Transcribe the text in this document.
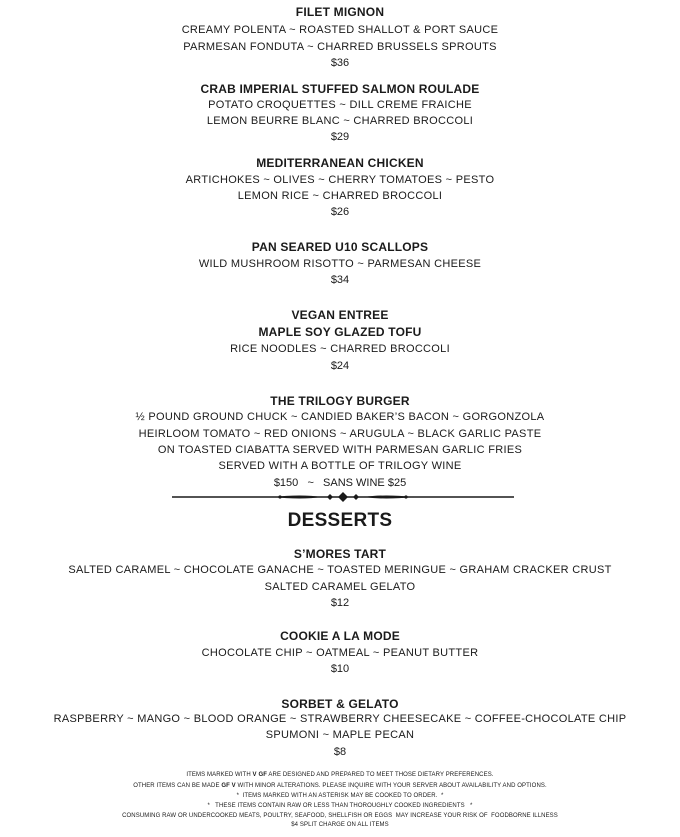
FILET MIGNON
CREAMY POLENTA ~ ROASTED SHALLOT & PORT SAUCE
PARMESAN FONDUTA ~ CHARRED BRUSSELS SPROUTS
$36
CRAB IMPERIAL STUFFED SALMON ROULADE
POTATO CROQUETTES ~ DILL CREME FRAICHE
LEMON BEURRE BLANC ~ CHARRED BROCCOLI
$29
MEDITERRANEAN CHICKEN
ARTICHOKES ~ OLIVES ~ CHERRY TOMATOES ~ PESTO
LEMON RICE ~ CHARRED BROCCOLI
$26
PAN SEARED U10 SCALLOPS
WILD MUSHROOM RISOTTO ~ PARMESAN CHEESE
$34
VEGAN ENTREE
MAPLE SOY GLAZED TOFU
RICE NOODLES ~ CHARRED BROCCOLI
$24
THE TRILOGY BURGER
½ POUND GROUND CHUCK ~ CANDIED BAKER’S BACON ~ GORGONZOLA
HEIRLOOM TOMATO ~ RED ONIONS ~ ARUGULA ~ BLACK GARLIC PASTE
ON TOASTED CIABATTA SERVED WITH PARMESAN GARLIC FRIES
SERVED WITH A BOTTLE OF TRILOGY WINE
$150   ~   SANS WINE $25
DESSERTS
S’MORES TART
SALTED CARAMEL ~ CHOCOLATE GANACHE ~ TOASTED MERINGUE ~ GRAHAM CRACKER CRUST
SALTED CARAMEL GELATO
$12
COOKIE A LA MODE
CHOCOLATE CHIP ~ OATMEAL ~ PEANUT BUTTER
$10
SORBET & GELATO
RASPBERRY ~ MANGO ~ BLOOD ORANGE ~ STRAWBERRY CHEESECAKE ~ COFFEE-CHOCOLATE CHIP
SPUMONI ~ MAPLE PECAN
$8
ITEMS MARKED WITH V GF ARE DESIGNED AND PREPARED TO MEET THOSE DIETARY PREFERENCES.
OTHER ITEMS CAN BE MADE GF V WITH MINOR ALTERATIONS. PLEASE INQUIRE WITH YOUR SERVER ABOUT AVAILABILITY AND OPTIONS.
*  ITEMS MARKED WITH AN ASTERISK MAY BE COOKED TO ORDER.  *
*   THESE ITEMS CONTAIN RAW OR LESS THAN THOROUGHLY COOKED INGREDIENTS   *
CONSUMING RAW OR UNDERCOOKED MEATS, POULTRY, SEAFOOD, SHELLFISH OR EGGS  MAY INCREASE YOUR RISK OF  FOODBORNE ILLNESS
$4 SPLIT CHARGE ON ALL ITEMS
